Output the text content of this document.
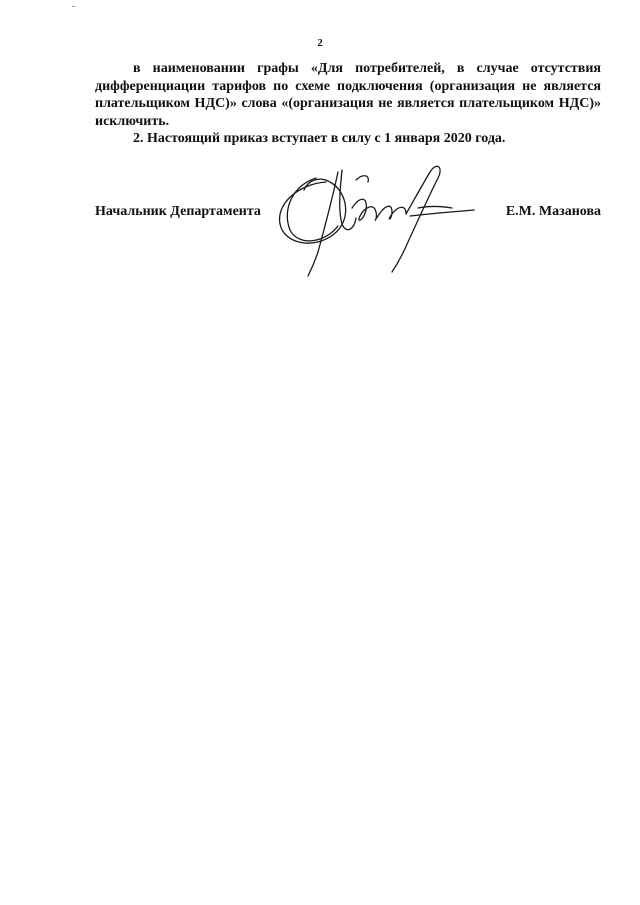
2

в наименовании графы «Для потребителей, в случае отсутствия дифференциации тарифов по схеме подключения (организация не является плательщиком НДС)» слова «(организация не является плательщиком НДС)» исключить.

2. Настоящий приказ вступает в силу с 1 января 2020 года.

Начальник Департамента	Е.М. Мазанова
